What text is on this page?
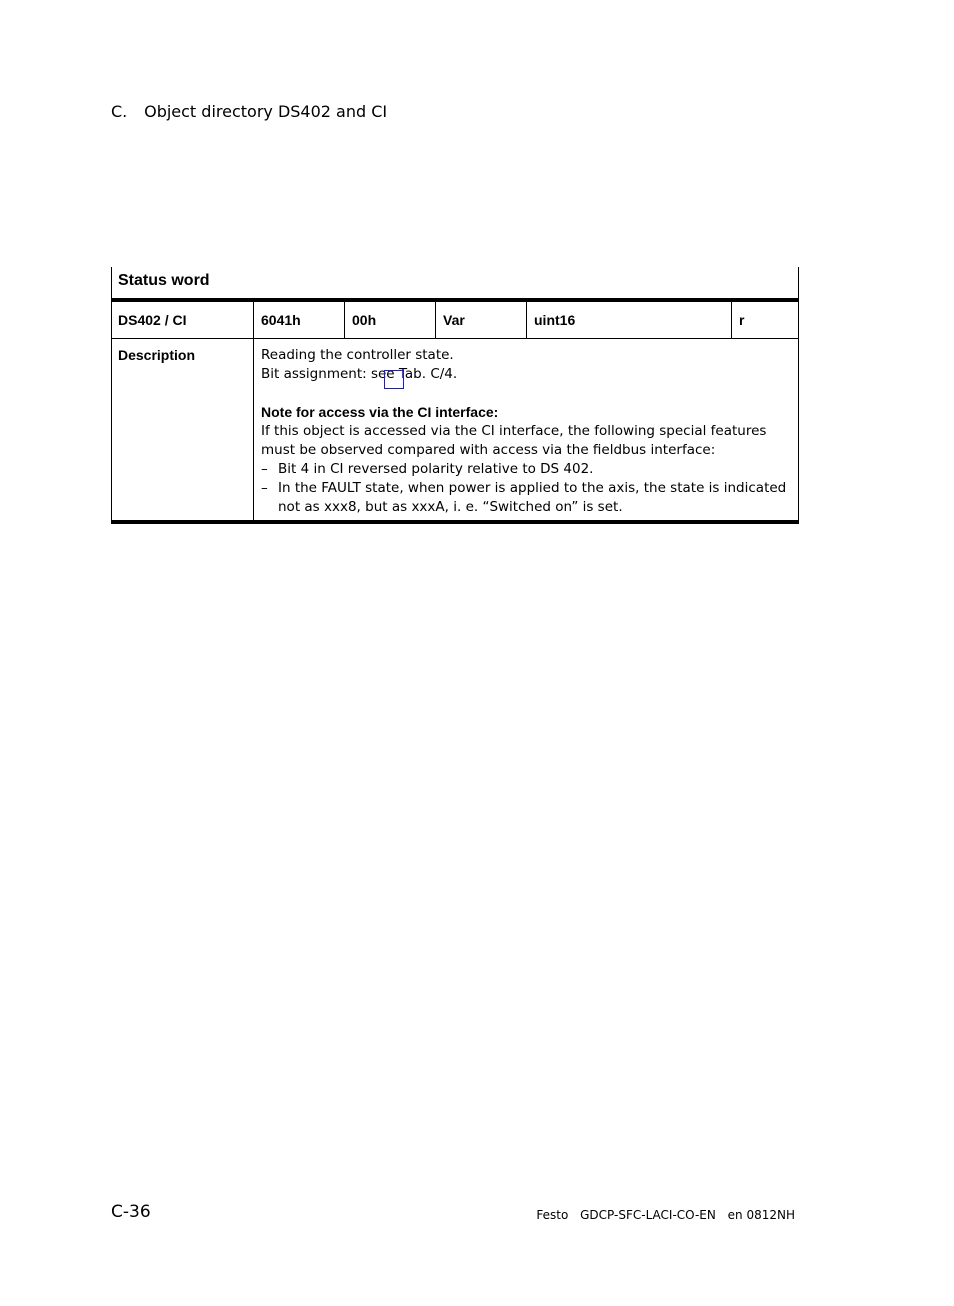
C. Object directory DS402 and CI
Status word
DS402 / CI	6041h	00h	Var	uint16	r
Description	Reading the controller state.
Bit assignment: see Tab. C/4.
Note for access via the CI interface:
If this object is accessed via the CI interface, the following special features
must be observed compared with access via the fieldbus interface:
– Bit 4 in CI reversed polarity relative to DS 402.
– In the FAULT state, when power is applied to the axis, the state is indicated
not as xxx8, but as xxxA, i. e. “Switched on” is set.
C-36	Festo GDCP-SFC-LACI-CO-EN en 0812NH
